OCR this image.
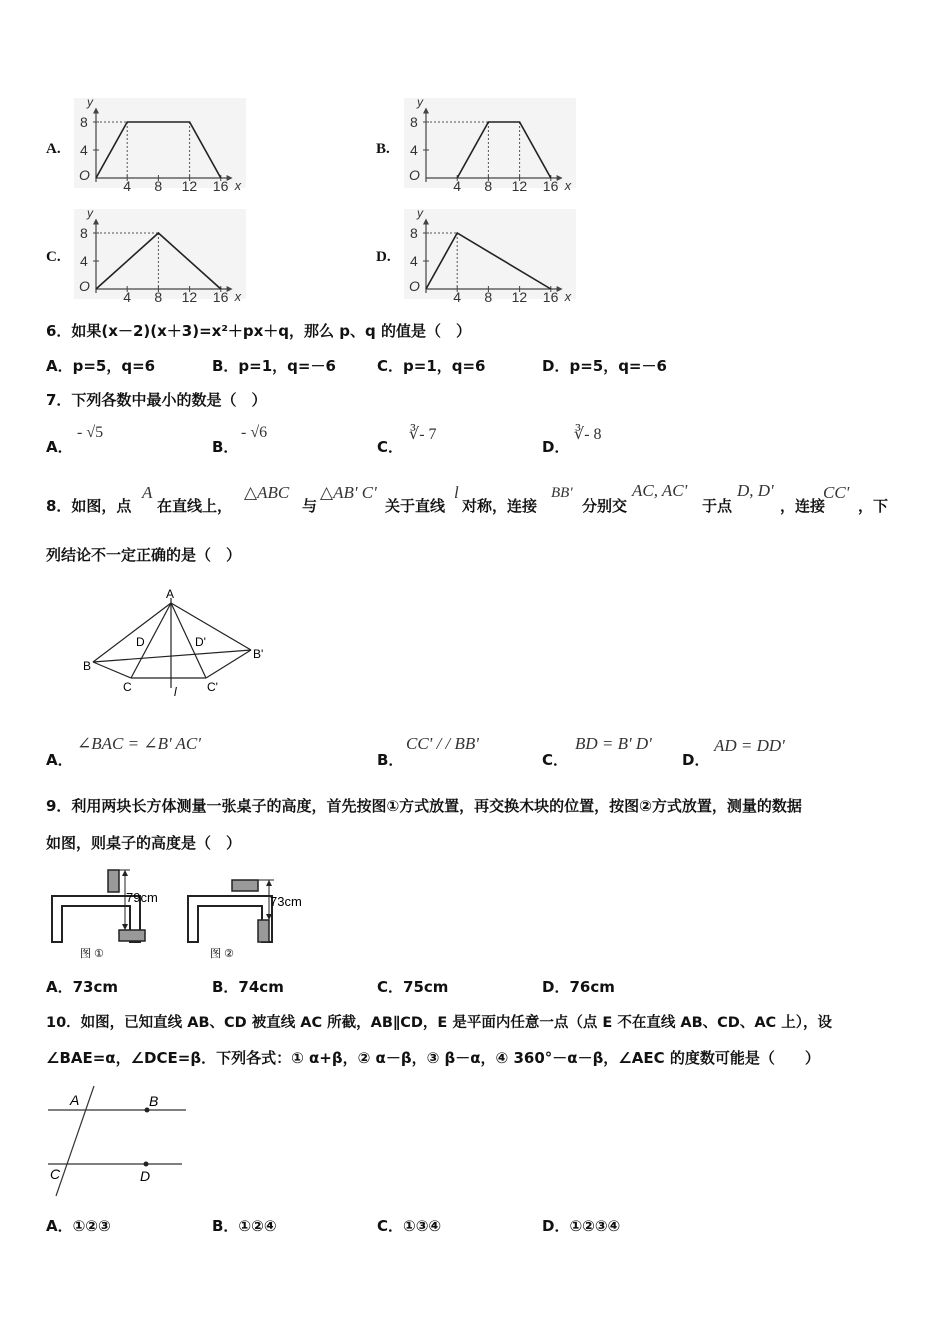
A.	B.
C.	D.
8
4
4 8 12 16
O
y
x
8
4
4 8 12 16
O
y
x
8
4
4 8 12 16
O
y
x
8
4
4 8 12 16
O
y
x
6．如果(x－2)(x＋3)=x²＋px＋q，那么 p、q 的值是（　）
A．p=5，q=6	B．p=1，q=－6	C．p=1，q=6	D．p=5，q=－6
7．下列各数中最小的数是（　）
A．
- √5
B．
- √6
C．
∛- 7
D．
∛- 8
8．如图，点
A
在直线上，
△ABC
与
△AB' C'
关于直线
l
对称，连接
BB'
分别交
AC, AC'
于点
D, D'
，连接
CC'
，下
列结论不一定正确的是（　）
A
B
C
D	D'
B'
C'
l
A．
∠BAC = ∠B' AC'
B．
CC' / / BB'
C．
BD = B' D'
D．
AD = DD'
9．利用两块长方体测量一张桌子的高度，首先按图①方式放置，再交换木块的位置，按图②方式放置，测量的数据
如图，则桌子的高度是（　）
79cm
图 ①
73cm
图 ②
A．73cm	B．74cm	C．75cm	D．76cm
10．如图，已知直线 AB、CD 被直线 AC 所截，AB∥CD，E 是平面内任意一点（点 E 不在直线 AB、CD、AC 上），设
∠BAE=α，∠DCE=β．下列各式：① α+β，② α－β，③ β－α，④ 360°－α－β，∠AEC 的度数可能是（　　）
A	B
C	D
A．①②③	B．①②④	C．①③④	D．①②③④
